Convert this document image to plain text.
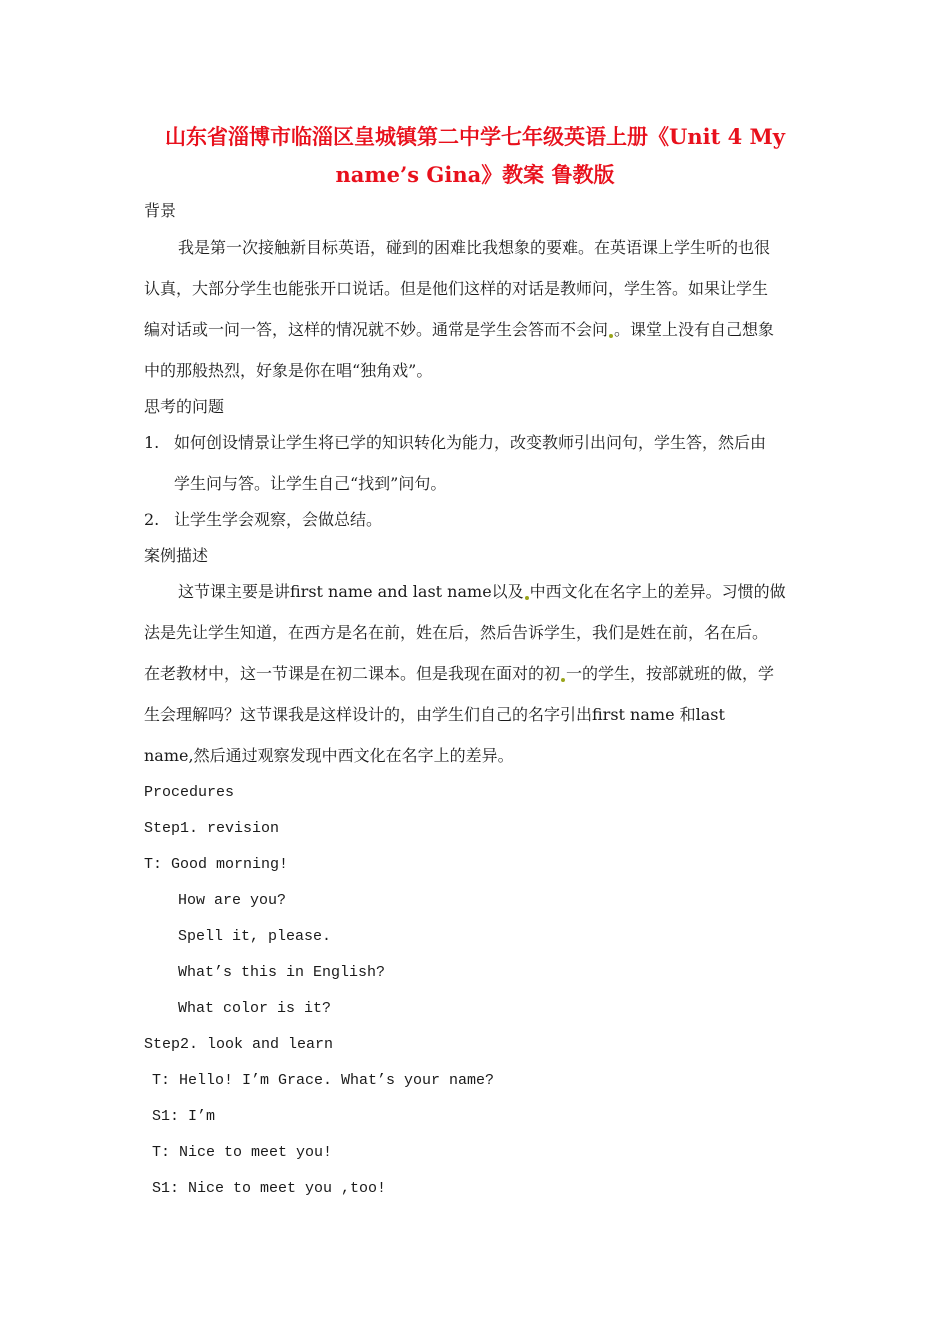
山东省淄博市临淄区皇城镇第二中学七年级英语上册《Unit 4 My
name’s Gina》教案 鲁教版
背景
我是第一次接触新目标英语，碰到的困难比我想象的要难。在英语课上学生听的也很
认真，大部分学生也能张开口说话。但是他们这样的对话是教师问，学生答。如果让学生
编对话或一问一答，这样的情况就不妙。通常是学生会答而不会问 。课堂上没有自己想象
中的那般热烈，好象是你在唱“独角戏”。
思考的问题
1. 如何创设情景让学生将已学的知识转化为能力，改变教师引出问句，学生答，然后由
学生问与答。让学生自己“找到”问句。
2. 让学生学会观察，会做总结。
案例描述
这节课主要是讲first name and last name以及 中西文化在名字上的差异。习惯的做
法是先让学生知道，在西方是名在前，姓在后，然后告诉学生，我们是姓在前，名在后。
在老教材中，这一节课是在初二课本。但是我现在面对的初 一的学生，按部就班的做，学
生会理解吗？这节课我是这样设计的，由学生们自己的名字引出first name 和last
name,然后通过观察发现中西文化在名字上的差异。
Procedures
Step1. revision
T: Good morning!
How are you?
Spell it, please.
What’s this in English?
What color is it?
Step2. look and learn
T: Hello! I’m Grace. What’s your name?
S1: I’m
T: Nice to meet you!
S1: Nice to meet you ,too!
